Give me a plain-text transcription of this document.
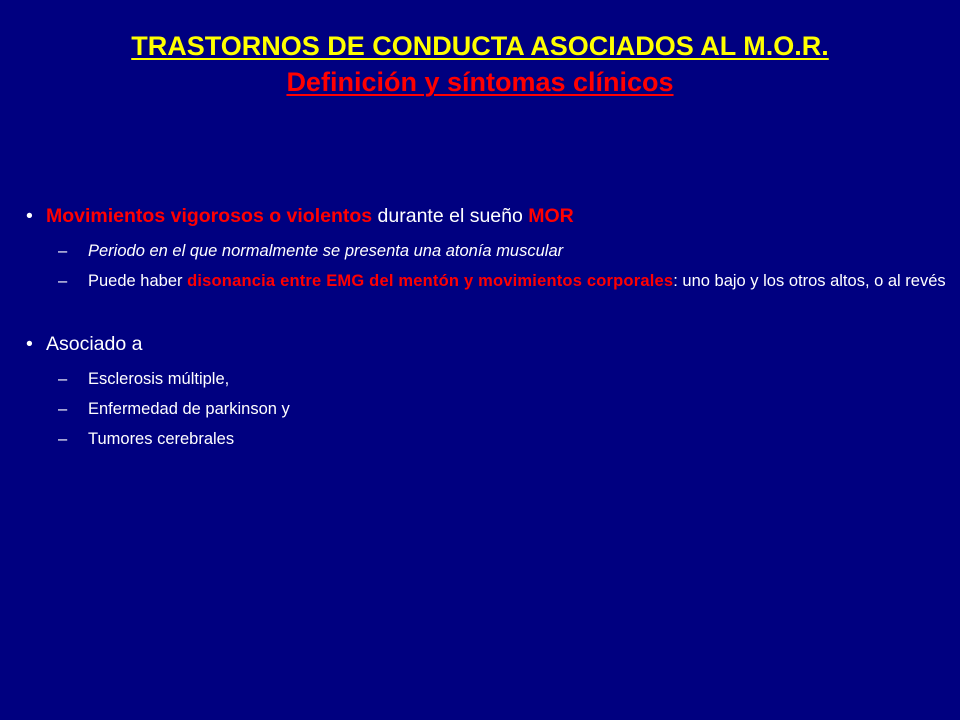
TRASTORNOS DE CONDUCTA ASOCIADOS AL M.O.R.
Definición y síntomas clínicos
• Movimientos vigorosos o violentos durante el sueño MOR
– Periodo en el que normalmente se presenta una atonía muscular
– Puede haber disonancia entre EMG del mentón y movimientos corporales: uno bajo y los otros altos, o al revés
• Asociado a
– Esclerosis múltiple,
– Enfermedad de parkinson y
– Tumores cerebrales
